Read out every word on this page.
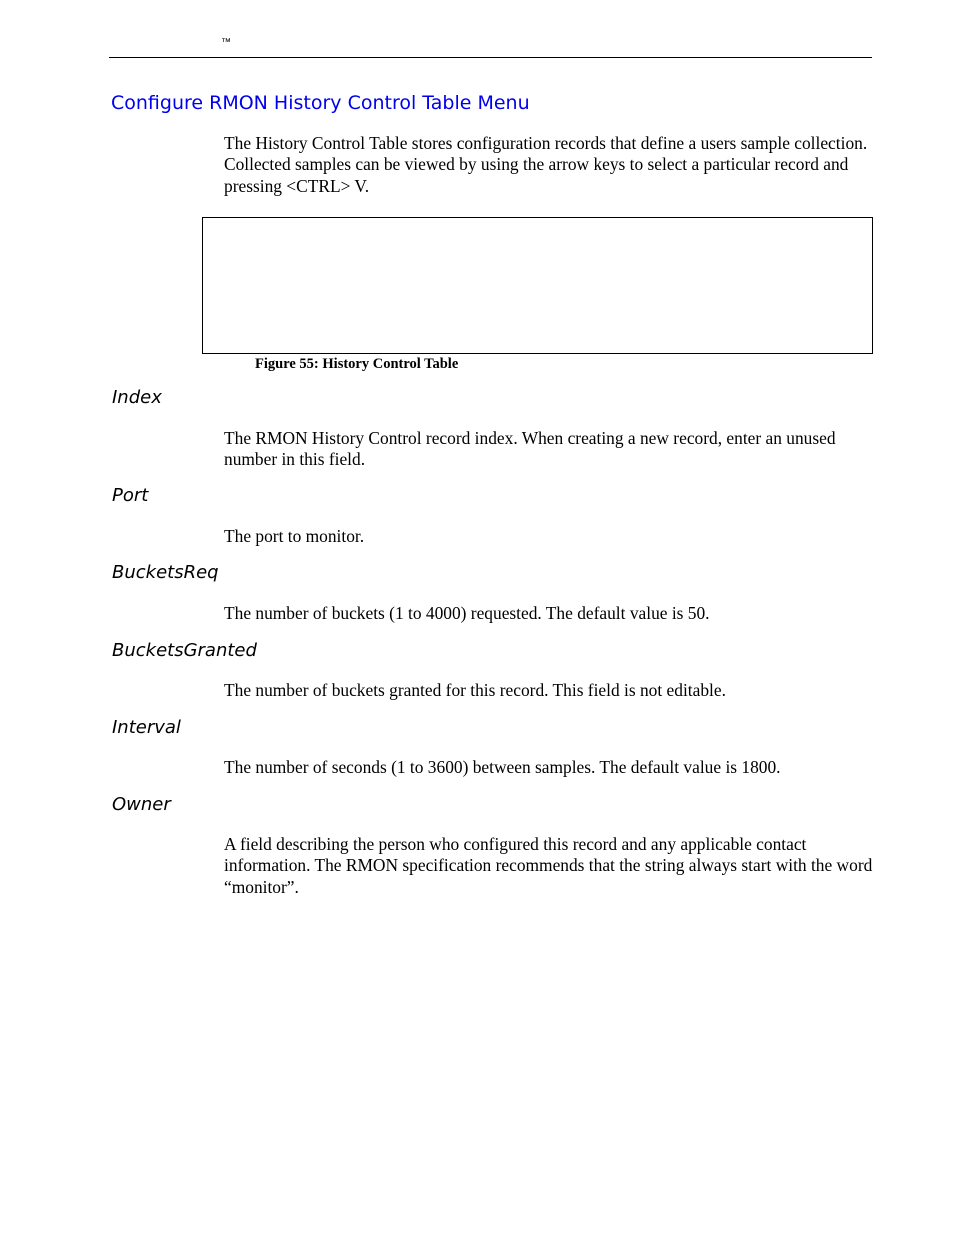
™
Configure RMON History Control Table Menu

The History Control Table stores configuration records that define a users sample collection. Collected samples can be viewed by using the arrow keys to select a particular record and pressing <CTRL> V.

Figure 55: History Control Table
Index

The RMON History Control record index. When creating a new record, enter an unused number in this field.

Port

The port to monitor.

BucketsReq

The number of buckets (1 to 4000) requested. The default value is 50.

BucketsGranted

The number of buckets granted for this record. This field is not editable.

Interval

The number of seconds (1 to 3600) between samples. The default value is 1800.

Owner

A field describing the person who configured this record and any applicable contact information. The RMON specification recommends that the string always start with the word “monitor”.
